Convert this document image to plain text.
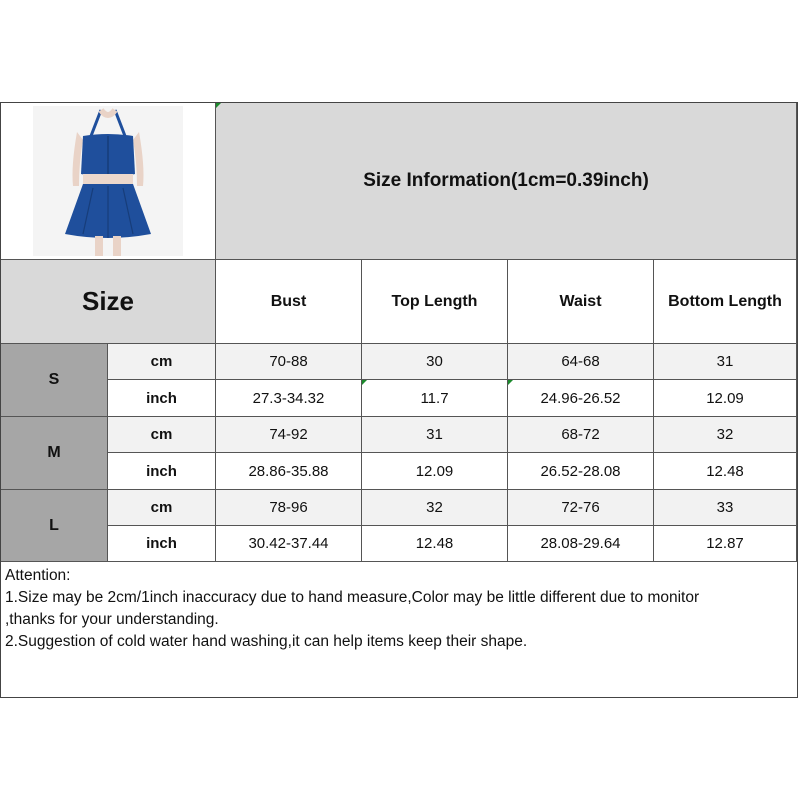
Size Information(1cm=0.39inch)
Size	Bust	Top Length	Waist	Bottom Length
S
cm	70-88	30	64-68	31
inch	27.3-34.32	11.7	24.96-26.52	12.09
M
cm	74-92	31	68-72	32
inch	28.86-35.88	12.09	26.52-28.08	12.48
L
cm	78-96	32	72-76	33
inch	30.42-37.44	12.48	28.08-29.64	12.87
Attention:
1.Size may be 2cm/1inch inaccuracy due to hand measure,Color may be little different due to monitor
,thanks for your understanding.
2.Suggestion of cold water hand washing,it can help items keep their shape.
